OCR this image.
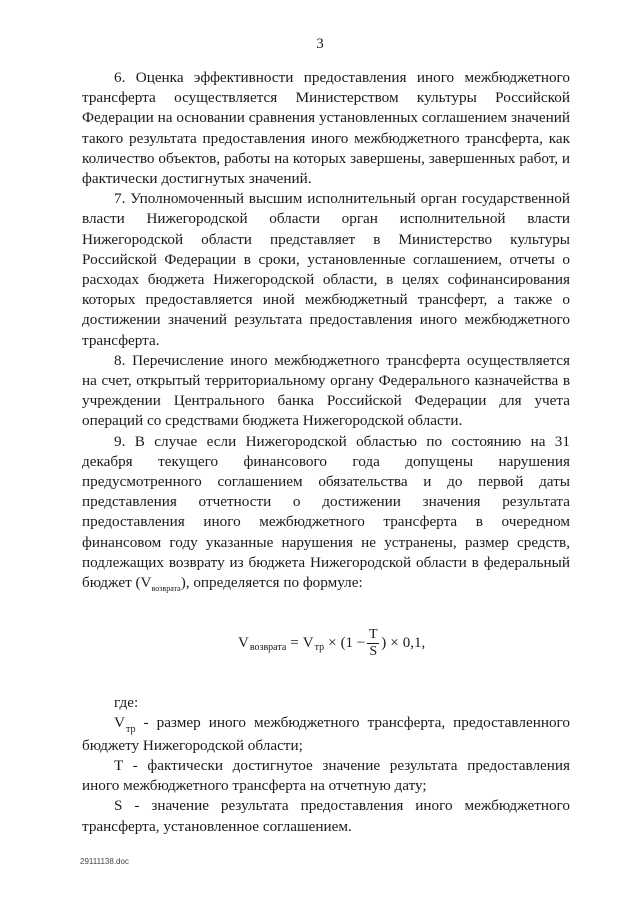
3

6. Оценка эффективности предоставления иного межбюджетного трансферта осуществляется Министерством культуры Российской Федерации на основании сравнения установленных соглашением значений такого результата предоставления иного межбюджетного трансферта, как количество объектов, работы на которых завершены, завершенных работ, и фактически достигнутых значений.

7. Уполномоченный высшим исполнительный орган государственной власти Нижегородской области орган исполнительной власти Нижегородской области представляет в Министерство культуры Российской Федерации в сроки, установленные соглашением, отчеты о расходах бюджета Нижегородской области, в целях софинансирования которых предоставляется иной межбюджетный трансферт, а также о достижении значений результата предоставления иного межбюджетного трансферта.

8. Перечисление иного межбюджетного трансферта осуществляется на счет, открытый территориальному органу Федерального казначейства в учреждении Центрального банка Российской Федерации для учета операций со средствами бюджета Нижегородской области.

9. В случае если Нижегородской областью по состоянию на 31 декабря текущего финансового года допущены нарушения предусмотренного соглашением обязательства и до первой даты представления отчетности о достижении значения результата предоставления иного межбюджетного трансферта в очередном финансовом году указанные нарушения не устранены, размер средств, подлежащих возврату из бюджета Нижегородской области в федеральный бюджет $(V_{возврата})$, определяется по формуле:

V возврата = V тр × ($1 - \frac{T}{S}$ ) × 0,1,

где:

$V_{тр}$ - размер иного межбюджетного трансферта, предоставленного бюджету Нижегородской области;

T - фактически достигнутое значение результата предоставления иного межбюджетного трансферта на отчетную дату;

S - значение результата предоставления иного межбюджетного трансферта, установленное соглашением.

29111138.doc
